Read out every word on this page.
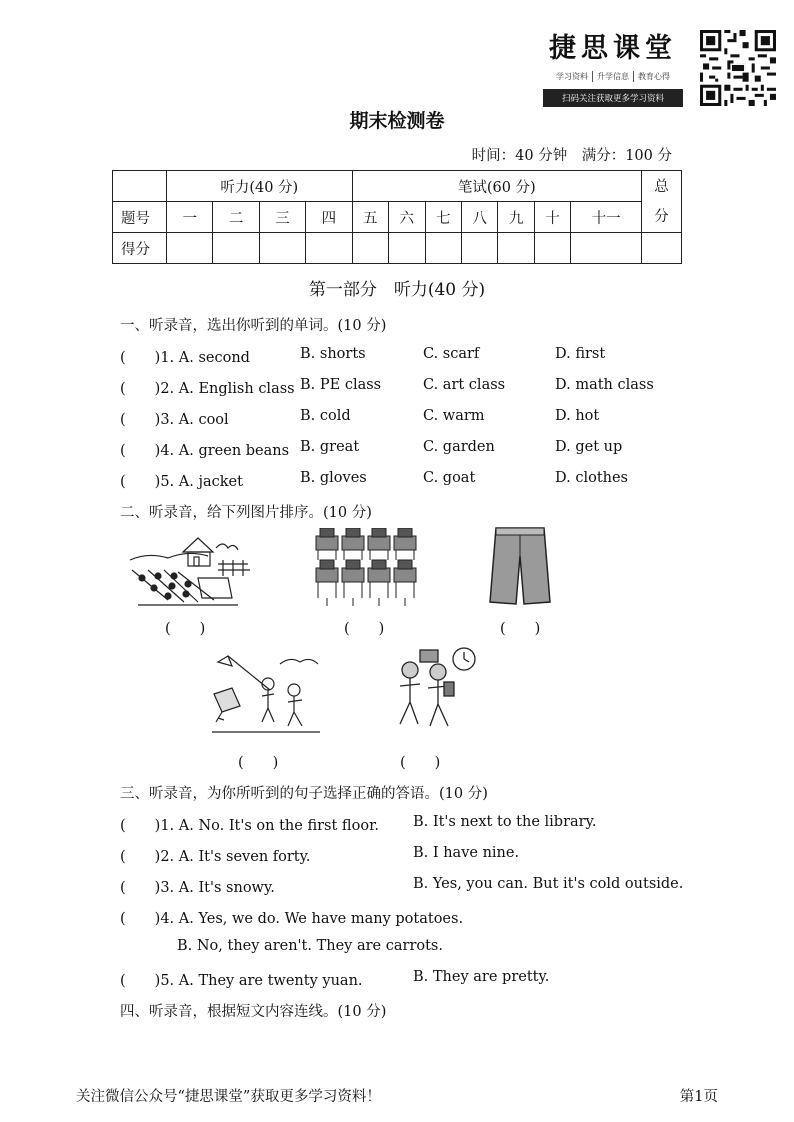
捷思课堂
学习资料	升学信息	教育心得
扫码关注获取更多学习资料
期末检测卷
时间：40 分钟　满分：100 分
	听力(40 分)				笔试(60 分)							总
分
题号	一	二	三	四	五	六	七	八	九	十	十一	
得分												
第一部分　听力(40 分)
一、听录音，选出你听到的单词。(10 分)
(　　)1. A. second	B. shorts	C. scarf	D. first
(　　)2. A. English class B. PE class	C. art class	D. math class
(　　)3. A. cool	B. cold	C. warm	D. hot
(　　)4. A. green beans B. great	C. garden	D. get up
(　　)5. A. jacket	B. gloves	C. goat	D. clothes
二、听录音，给下列图片排序。(10 分)
(　　)	(　　)	(　　)
(　　)	(　　)
三、听录音，为你所听到的句子选择正确的答语。(10 分)
(　　)1. A. No. It's on the first floor. B. It's next to the library.
(　　)2. A. It's seven forty.	B. I have nine.
(　　)3. A. It's snowy.	B. Yes, you can. But it's cold outside.
(　　)4. A. Yes, we do. We have many potatoes.
B. No, they aren't. They are carrots.
(　　)5. A. They are twenty yuan.	B. They are pretty.
四、听录音，根据短文内容连线。(10 分)
关注微信公众号“捷思课堂”获取更多学习资料！	第1页
